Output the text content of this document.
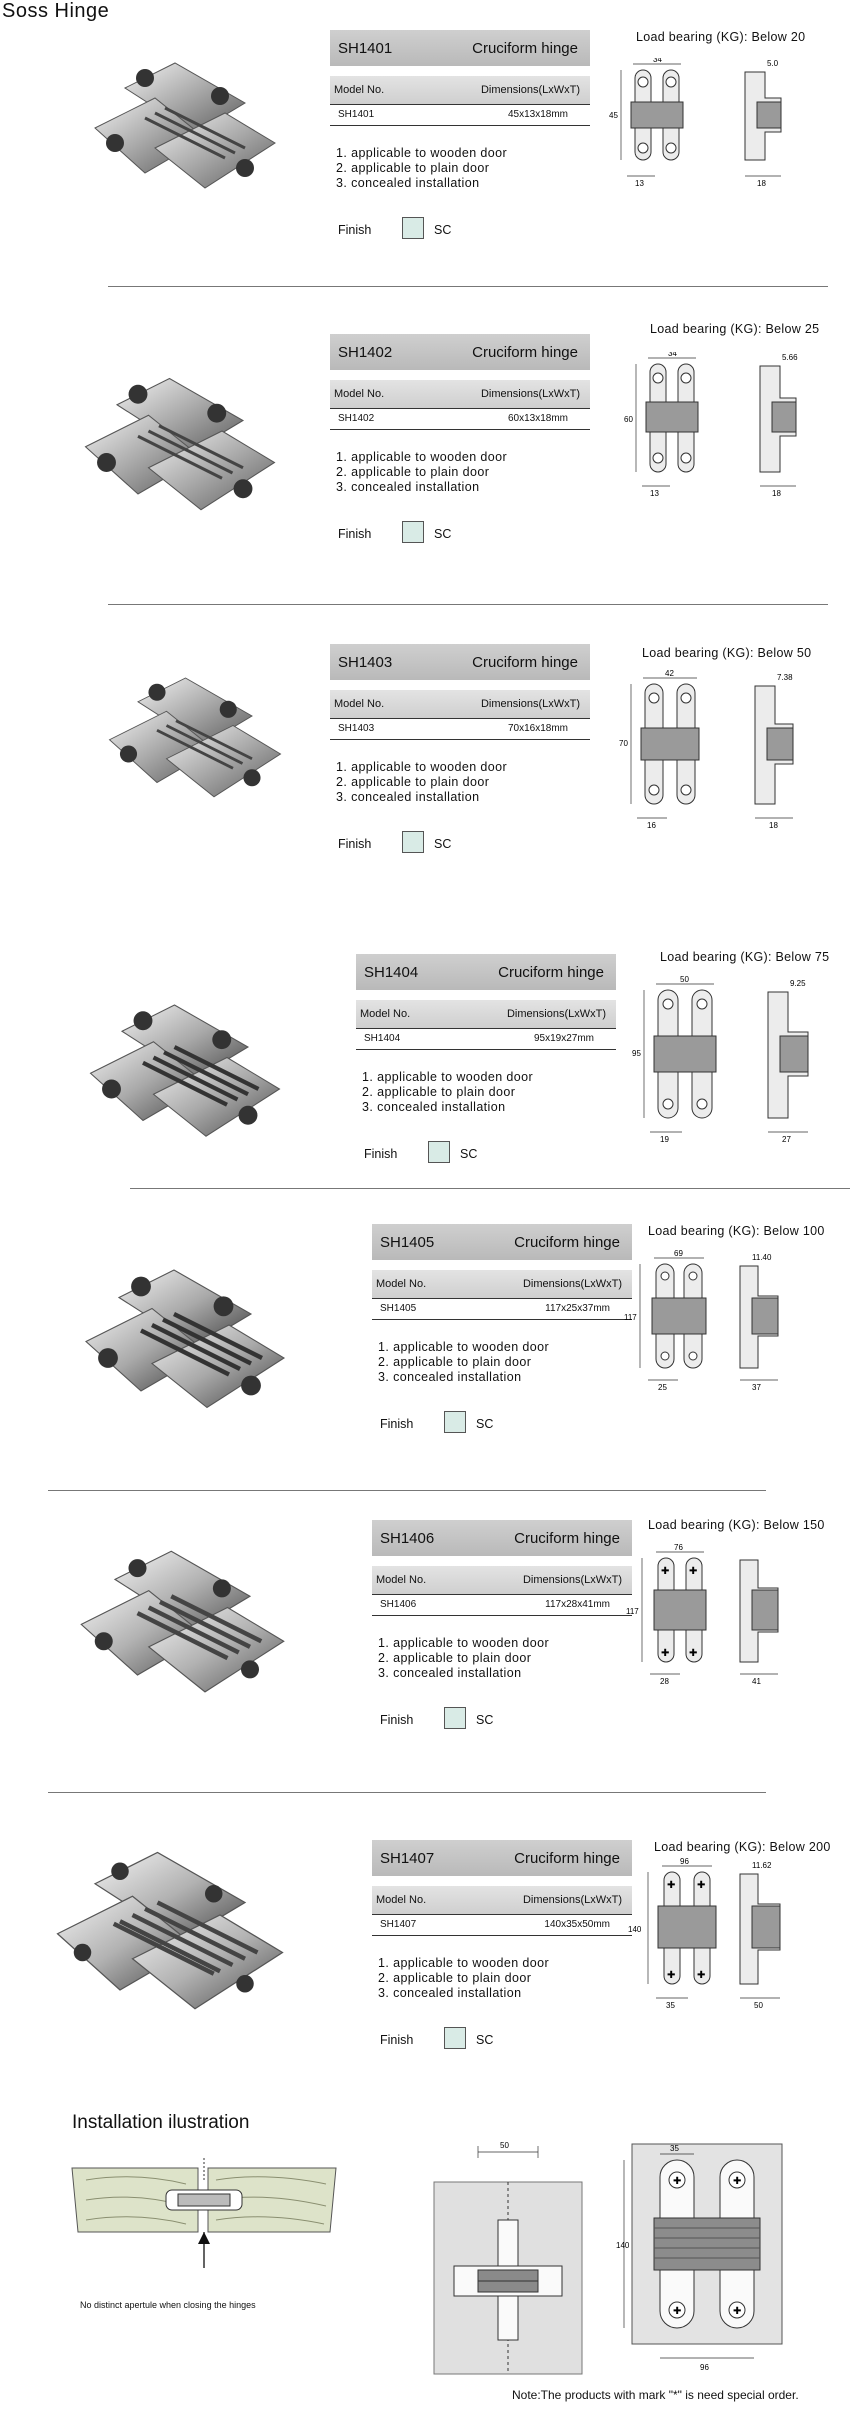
Soss Hinge
SH1401	Cruciform hinge
Model No.	Dimensions(LxWxT)
SH1401	45x13x18mm
1. applicable to wooden door
2. applicable to plain door
3. concealed installation
Finish	SC
Load bearing (KG): Below 20
34
45
13
5.0
18
SH1402	Cruciform hinge
Model No.	Dimensions(LxWxT)
SH1402	60x13x18mm
1. applicable to wooden door
2. applicable to plain door
3. concealed installation
Finish	SC
Load bearing (KG): Below 25
34
60
13
5.66
18
SH1403	Cruciform hinge
Model No.	Dimensions(LxWxT)
SH1403	70x16x18mm
1. applicable to wooden door
2. applicable to plain door
3. concealed installation
Finish	SC
Load bearing (KG): Below 50
42
70
16
7.38
18
SH1404	Cruciform hinge
Model No.	Dimensions(LxWxT)
SH1404	95x19x27mm
1. applicable to wooden door
2. applicable to plain door
3. concealed installation
Finish	SC
Load bearing (KG): Below 75
50
95
19
9.25
27
SH1405	Cruciform hinge
Model No.	Dimensions(LxWxT)
SH1405	117x25x37mm
1. applicable to wooden door
2. applicable to plain door
3. concealed installation
Finish	SC
Load bearing (KG): Below 100
69
117
25
11.40
37
SH1406	Cruciform hinge
Model No.	Dimensions(LxWxT)
SH1406	117x28x41mm
1. applicable to wooden door
2. applicable to plain door
3. concealed installation
Finish	SC
Load bearing (KG): Below 150
✚ ✚
✚ ✚
76
117
28	41
SH1407	Cruciform hinge
Model No.	Dimensions(LxWxT)
SH1407	140x35x50mm
1. applicable to wooden door
2. applicable to plain door
3. concealed installation
Finish	SC
Load bearing (KG): Below 200
✚ ✚
✚ ✚
96
140
35
11.62
50
Installation ilustration
No distinct apertule when closing the hinges
50
✚	✚
✚	✚
35
140
96
Note:The products with mark "*" is need special order.
